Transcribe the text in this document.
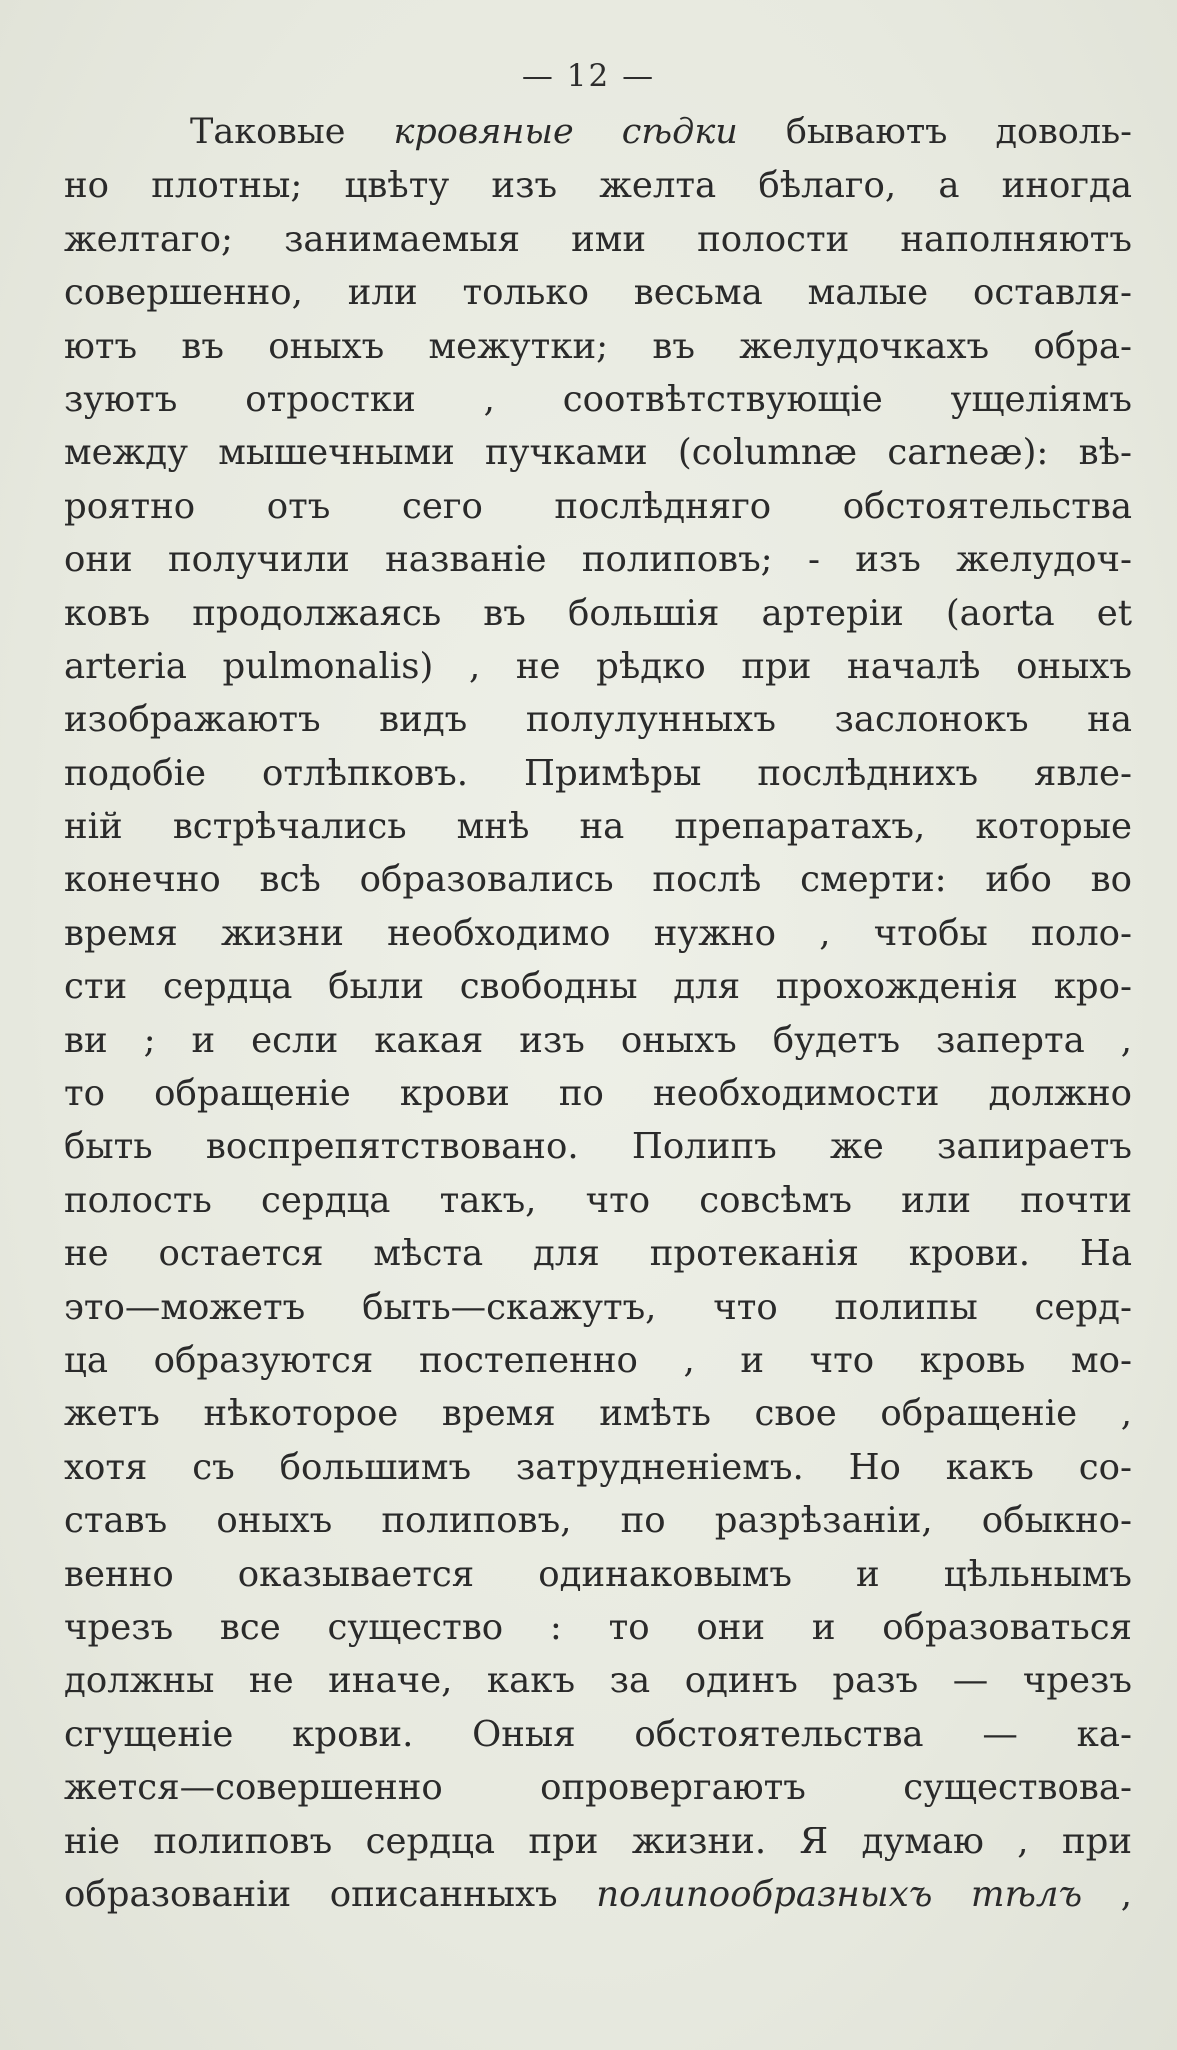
— 12 —
Таковые кровяные сѣдки бываютъ доволь-
но плотны; цвѣту изъ желта бѣлаго, а иногда
желтаго; занимаемыя ими полости наполняютъ
совершенно, или только весьма малые оставля-
ютъ въ оныхъ межутки; въ желудочкахъ обра-
зуютъ отростки , соотвѣтствующіе ущеліямъ
между мышечными пучками (columnæ carneæ): вѣ-
роятно отъ сего послѣдняго обстоятельства
они получили названіе полиповъ; - изъ желудоч-
ковъ продолжаясь въ большія артеріи (aorta et
arteria pulmonalis) , не рѣдко при началѣ оныхъ
изображаютъ видъ полулунныхъ заслонокъ на
подобіе отлѣпковъ. Примѣры послѣднихъ явле-
ній встрѣчались мнѣ на препаратахъ, которые
конечно всѣ образовались послѣ смерти: ибо во
время жизни необходимо нужно , чтобы поло-
сти сердца были свободны для прохожденія кро-
ви ; и если какая изъ оныхъ будетъ заперта ,
то обращеніе крови по необходимости должно
быть воспрепятствовано. Полипъ же запираетъ
полость сердца такъ, что совсѣмъ или почти
не остается мѣста для протеканія крови. На
это—можетъ быть—скажутъ, что полипы серд-
ца образуются постепенно , и что кровь мо-
жетъ нѣкоторое время имѣть свое обращеніе ,
хотя съ большимъ затрудненіемъ. Но какъ со-
ставъ оныхъ полиповъ, по разрѣзаніи, обыкно-
венно оказывается одинаковымъ и цѣльнымъ
чрезъ все существо : то они и образоваться
должны не иначе, какъ за одинъ разъ — чрезъ
сгущеніе крови. Оныя обстоятельства — ка-
жется—совершенно опровергаютъ существова-
ніе полиповъ сердца при жизни. Я думаю , при
образованіи описанныхъ полипообразныхъ тѣлъ ,
